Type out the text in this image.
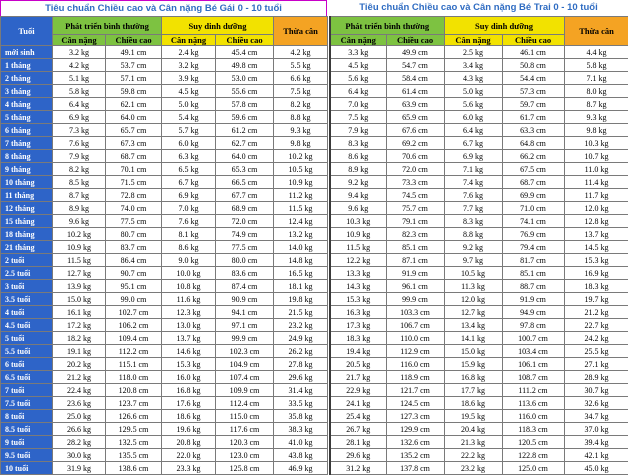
Tiêu chuẩn Chiều cao và Cân nặng Bé Gái 0 - 10 tuổi
Tuổi	Phát triển bình thường		Suy dinh dưỡng		Thừa cân
	Cân nặng	Chiều cao	Cân nặng	Chiều cao	
mới sinh	3.2 kg	49.1 cm	2.4 kg	45.4 cm	4.2 kg
1 tháng	4.2 kg	53.7 cm	3.2 kg	49.8 cm	5.5 kg
2 tháng	5.1 kg	57.1 cm	3.9 kg	53.0 cm	6.6 kg
3 tháng	5.8 kg	59.8 cm	4.5 kg	55.6 cm	7.5 kg
4 tháng	6.4 kg	62.1 cm	5.0 kg	57.8 cm	8.2 kg
5 tháng	6.9 kg	64.0 cm	5.4 kg	59.6 cm	8.8 kg
6 tháng	7.3 kg	65.7 cm	5.7 kg	61.2 cm	9.3 kg
7 tháng	7.6 kg	67.3 cm	6.0 kg	62.7 cm	9.8 kg
8 tháng	7.9 kg	68.7 cm	6.3 kg	64.0 cm	10.2 kg
9 tháng	8.2 kg	70.1 cm	6.5 kg	65.3 cm	10.5 kg
10 tháng	8.5 kg	71.5 cm	6.7 kg	66.5 cm	10.9 kg
11 tháng	8.7 kg	72.8 cm	6.9 kg	67.7 cm	11.2 kg
12 tháng	8.9 kg	74.0 cm	7.0 kg	68.9 cm	11.5 kg
15 tháng	9.6 kg	77.5 cm	7.6 kg	72.0 cm	12.4 kg
18 tháng	10.2 kg	80.7 cm	8.1 kg	74.9 cm	13.2 kg
21 tháng	10.9 kg	83.7 cm	8.6 kg	77.5 cm	14.0 kg
2 tuổi	11.5 kg	86.4 cm	9.0 kg	80.0 cm	14.8 kg
2.5 tuổi	12.7 kg	90.7 cm	10.0 kg	83.6 cm	16.5 kg
3 tuổi	13.9 kg	95.1 cm	10.8 kg	87.4 cm	18.1 kg
3.5 tuổi	15.0 kg	99.0 cm	11.6 kg	90.9 cm	19.8 kg
4 tuổi	16.1 kg	102.7 cm	12.3 kg	94.1 cm	21.5 kg
4.5 tuổi	17.2 kg	106.2 cm	13.0 kg	97.1 cm	23.2 kg
5 tuổi	18.2 kg	109.4 cm	13.7 kg	99.9 cm	24.9 kg
5.5 tuổi	19.1 kg	112.2 cm	14.6 kg	102.3 cm	26.2 kg
6 tuổi	20.2 kg	115.1 cm	15.3 kg	104.9 cm	27.8 kg
6.5 tuổi	21.2 kg	118.0 cm	16.0 kg	107.4 cm	29.6 kg
7 tuổi	22.4 kg	120.8 cm	16.8 kg	109.9 cm	31.4 kg
7.5 tuổi	23.6 kg	123.7 cm	17.6 kg	112.4 cm	33.5 kg
8 tuổi	25.0 kg	126.6 cm	18.6 kg	115.0 cm	35.8 kg
8.5 tuổi	26.6 kg	129.5 cm	19.6 kg	117.6 cm	38.3 kg
9 tuổi	28.2 kg	132.5 cm	20.8 kg	120.3 cm	41.0 kg
9.5 tuổi	30.0 kg	135.5 cm	22.0 kg	123.0 cm	43.8 kg
10 tuổi	31.9 kg	138.6 cm	23.3 kg	125.8 cm	46.9 kg
Tiêu chuẩn Chiều cao và Cân nặng Bé Trai 0 - 10 tuổi
Phát triển bình thường		Suy dinh dưỡng		Thừa cân
Cân nặng	Chiều cao	Cân nặng	Chiều cao	
3.3 kg	49.9 cm	2.5 kg	46.1 cm	4.4 kg
4.5 kg	54.7 cm	3.4 kg	50.8 cm	5.8 kg
5.6 kg	58.4 cm	4.3 kg	54.4 cm	7.1 kg
6.4 kg	61.4 cm	5.0 kg	57.3 cm	8.0 kg
7.0 kg	63.9 cm	5.6 kg	59.7 cm	8.7 kg
7.5 kg	65.9 cm	6.0 kg	61.7 cm	9.3 kg
7.9 kg	67.6 cm	6.4 kg	63.3 cm	9.8 kg
8.3 kg	69.2 cm	6.7 kg	64.8 cm	10.3 kg
8.6 kg	70.6 cm	6.9 kg	66.2 cm	10.7 kg
8.9 kg	72.0 cm	7.1 kg	67.5 cm	11.0 kg
9.2 kg	73.3 cm	7.4 kg	68.7 cm	11.4 kg
9.4 kg	74.5 cm	7.6 kg	69.9 cm	11.7 kg
9.6 kg	75.7 cm	7.7 kg	71.0 cm	12.0 kg
10.3 kg	79.1 cm	8.3 kg	74.1 cm	12.8 kg
10.9 kg	82.3 cm	8.8 kg	76.9 cm	13.7 kg
11.5 kg	85.1 cm	9.2 kg	79.4 cm	14.5 kg
12.2 kg	87.1 cm	9.7 kg	81.7 cm	15.3 kg
13.3 kg	91.9 cm	10.5 kg	85.1 cm	16.9 kg
14.3 kg	96.1 cm	11.3 kg	88.7 cm	18.3 kg
15.3 kg	99.9 cm	12.0 kg	91.9 cm	19.7 kg
16.3 kg	103.3 cm	12.7 kg	94.9 cm	21.2 kg
17.3 kg	106.7 cm	13.4 kg	97.8 cm	22.7 kg
18.3 kg	110.0 cm	14.1 kg	100.7 cm	24.2 kg
19.4 kg	112.9 cm	15.0 kg	103.4 cm	25.5 kg
20.5 kg	116.0 cm	15.9 kg	106.1 cm	27.1 kg
21.7 kg	118.9 cm	16.8 kg	108.7 cm	28.9 kg
22.9 kg	121.7 cm	17.7 kg	111.2 cm	30.7 kg
24.1 kg	124.5 cm	18.6 kg	113.6 cm	32.6 kg
25.4 kg	127.3 cm	19.5 kg	116.0 cm	34.7 kg
26.7 kg	129.9 cm	20.4 kg	118.3 cm	37.0 kg
28.1 kg	132.6 cm	21.3 kg	120.5 cm	39.4 kg
29.6 kg	135.2 cm	22.2 kg	122.8 cm	42.1 kg
31.2 kg	137.8 cm	23.2 kg	125.0 cm	45.0 kg
